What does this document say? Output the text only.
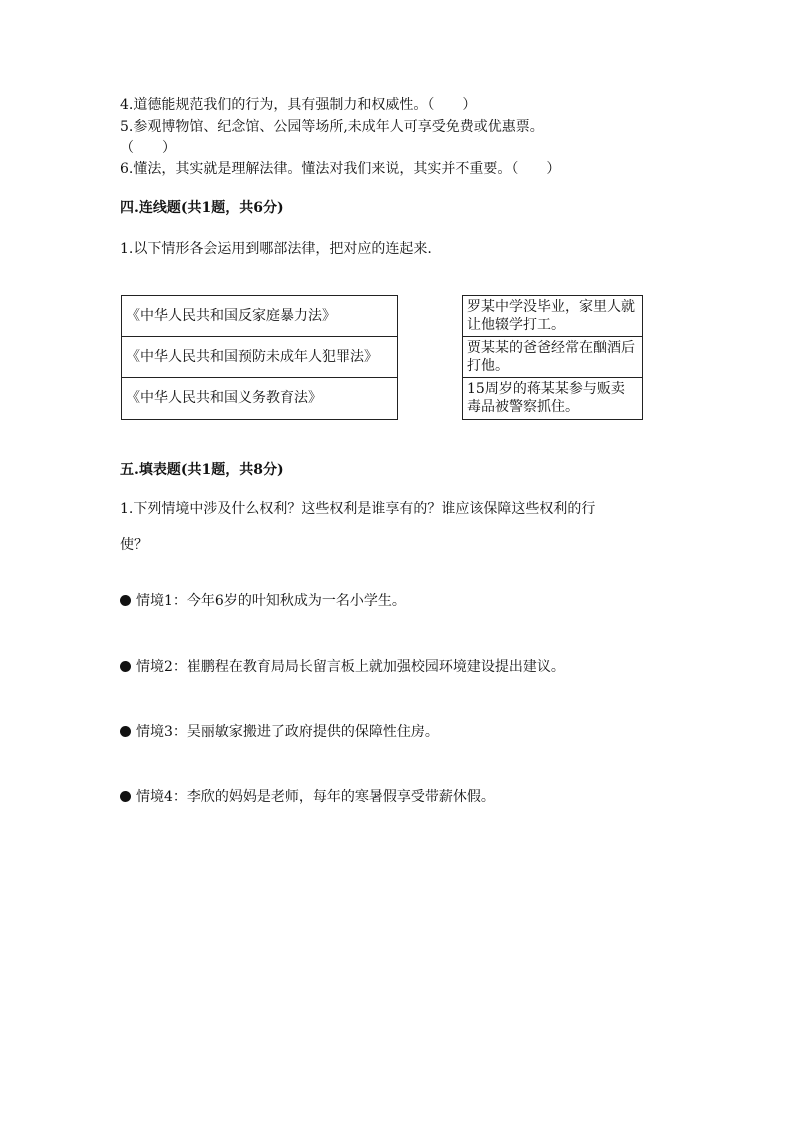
4.道德能规范我们的行为，具有强制力和权威性。（　　）
5.参观博物馆、纪念馆、公园等场所,未成年人可享受免费或优惠票。
（　　）
6.懂法，其实就是理解法律。懂法对我们来说，其实并不重要。（　　）
四.连线题(共1题，共6分)
1.以下情形各会运用到哪部法律，把对应的连起来.
《中华人民共和国反家庭暴力法》
《中华人民共和国预防未成年人犯罪法》
《中华人民共和国义务教育法》
罗某中学没毕业，家里人就让他辍学打工。
贾某某的爸爸经常在酗酒后打他。
15周岁的蒋某某参与贩卖毒品被警察抓住。
五.填表题(共1题，共8分)
1.下列情境中涉及什么权利？这些权利是谁享有的？谁应该保障这些权利的行
使？
情境1：今年6岁的叶知秋成为一名小学生。
情境2：崔鹏程在教育局局长留言板上就加强校园环境建设提出建议。
情境3：吴丽敏家搬进了政府提供的保障性住房。
情境4：李欣的妈妈是老师，每年的寒暑假享受带薪休假。
